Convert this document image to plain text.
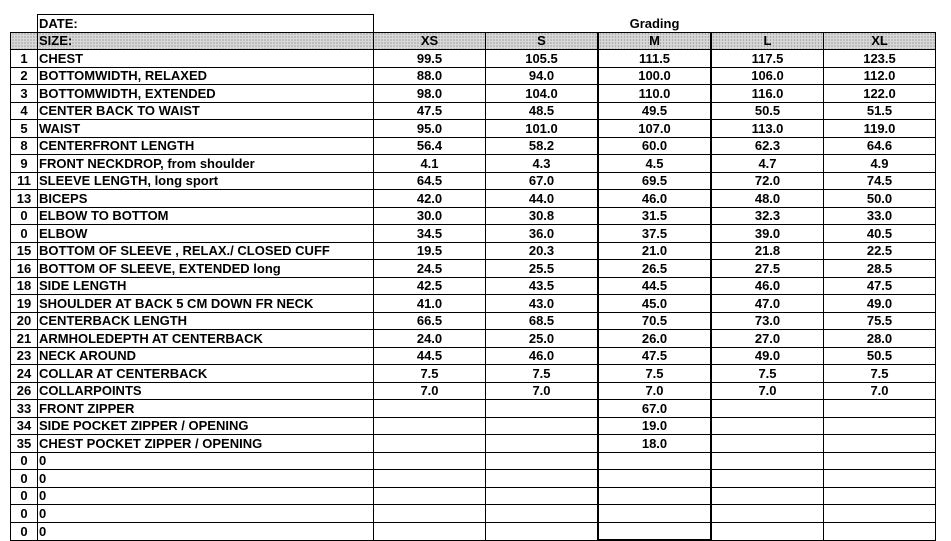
	DATE:			Grading		
	SIZE:	XS	S	M	L	XL
1	CHEST	99.5	105.5	111.5	117.5	123.5
2	BOTTOMWIDTH, RELAXED	88.0	94.0	100.0	106.0	112.0
3	BOTTOMWIDTH, EXTENDED	98.0	104.0	110.0	116.0	122.0
4	CENTER BACK TO WAIST	47.5	48.5	49.5	50.5	51.5
5	WAIST	95.0	101.0	107.0	113.0	119.0
8	CENTERFRONT LENGTH	56.4	58.2	60.0	62.3	64.6
9	FRONT NECKDROP, from shoulder	4.1	4.3	4.5	4.7	4.9
11	SLEEVE LENGTH, long sport	64.5	67.0	69.5	72.0	74.5
13	BICEPS	42.0	44.0	46.0	48.0	50.0
0	ELBOW TO BOTTOM	30.0	30.8	31.5	32.3	33.0
0	ELBOW	34.5	36.0	37.5	39.0	40.5
15	BOTTOM OF SLEEVE , RELAX./ CLOSED CUFF	19.5	20.3	21.0	21.8	22.5
16	BOTTOM OF SLEEVE, EXTENDED long	24.5	25.5	26.5	27.5	28.5
18	SIDE LENGTH	42.5	43.5	44.5	46.0	47.5
19	SHOULDER AT BACK 5 CM DOWN FR NECK	41.0	43.0	45.0	47.0	49.0
20	CENTERBACK LENGTH	66.5	68.5	70.5	73.0	75.5
21	ARMHOLEDEPTH AT CENTERBACK	24.0	25.0	26.0	27.0	28.0
23	NECK AROUND	44.5	46.0	47.5	49.0	50.5
24	COLLAR AT CENTERBACK	7.5	7.5	7.5	7.5	7.5
26	COLLARPOINTS	7.0	7.0	7.0	7.0	7.0
33	FRONT ZIPPER			67.0		
34	SIDE POCKET ZIPPER / OPENING			19.0		
35	CHEST POCKET ZIPPER / OPENING			18.0		
0	0					
0	0					
0	0					
0	0					
0	0					
